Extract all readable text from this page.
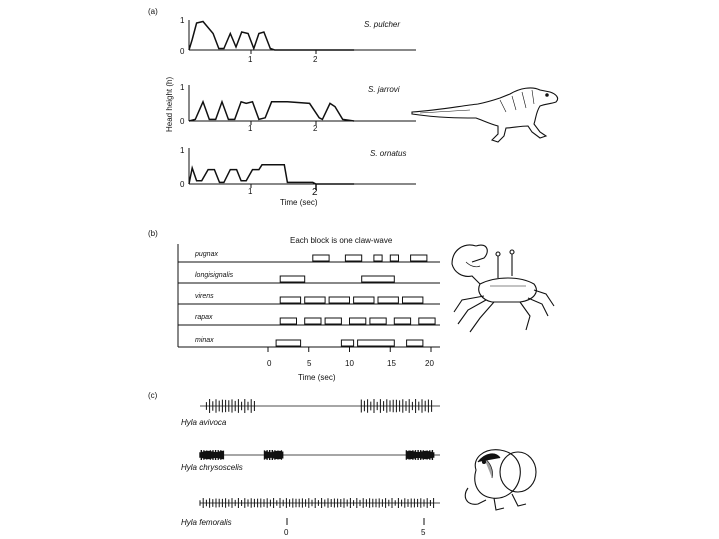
(a)
Head height (h)
1
0
1	2
S. pulcher
1
0
1	2
S. jarrovi
1
0
1	2
S. ornatus
Time (sec)
(b)
Each block is one claw-wave
pugnax
longisignalis
virens
rapax
minax
0	5	10	15	20
Time (sec)
(c)
Hyla avivoca
Hyla chrysoscelis
Hyla femoralis
0	5
